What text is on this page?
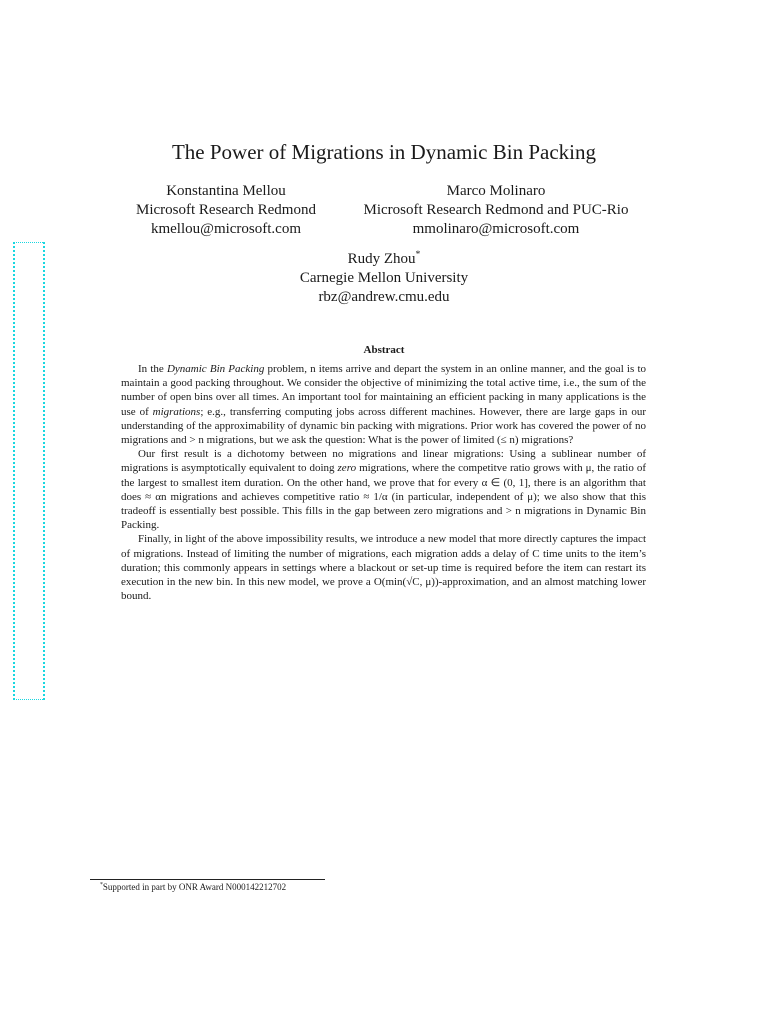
The Power of Migrations in Dynamic Bin Packing
Konstantina Mellou
Microsoft Research Redmond
kmellou@microsoft.com
Marco Molinaro
Microsoft Research Redmond and PUC-Rio
mmolinaro@microsoft.com
Rudy Zhou*
Carnegie Mellon University
rbz@andrew.cmu.edu
Abstract

In the Dynamic Bin Packing problem, n items arrive and depart the system in an online manner, and the goal is to maintain a good packing throughout. We consider the objective of minimizing the total active time, i.e., the sum of the number of open bins over all times. An important tool for maintaining an efficient packing in many applications is the use of migrations; e.g., transferring computing jobs across different machines. However, there are large gaps in our understanding of the approximability of dynamic bin packing with migrations. Prior work has covered the power of no migrations and > n migrations, but we ask the question: What is the power of limited (≤ n) migrations?

Our first result is a dichotomy between no migrations and linear migrations: Using a sublinear number of migrations is asymptotically equivalent to doing zero migrations, where the competitve ratio grows with μ, the ratio of the largest to smallest item duration. On the other hand, we prove that for every α ∈ (0, 1], there is an algorithm that does ≈ αn migrations and achieves competitive ratio ≈ 1/α (in particular, independent of μ); we also show that this tradeoff is essentially best possible. This fills in the gap between zero migrations and > n migrations in Dynamic Bin Packing.

Finally, in light of the above impossibility results, we introduce a new model that more directly captures the impact of migrations. Instead of limiting the number of migrations, each migration adds a delay of C time units to the item’s duration; this commonly appears in settings where a blackout or set-up time is required before the item can restart its execution in the new bin. In this new model, we prove a O(min(√C, μ))-approximation, and an almost matching lower bound.

*Supported in part by ONR Award N000142212702
